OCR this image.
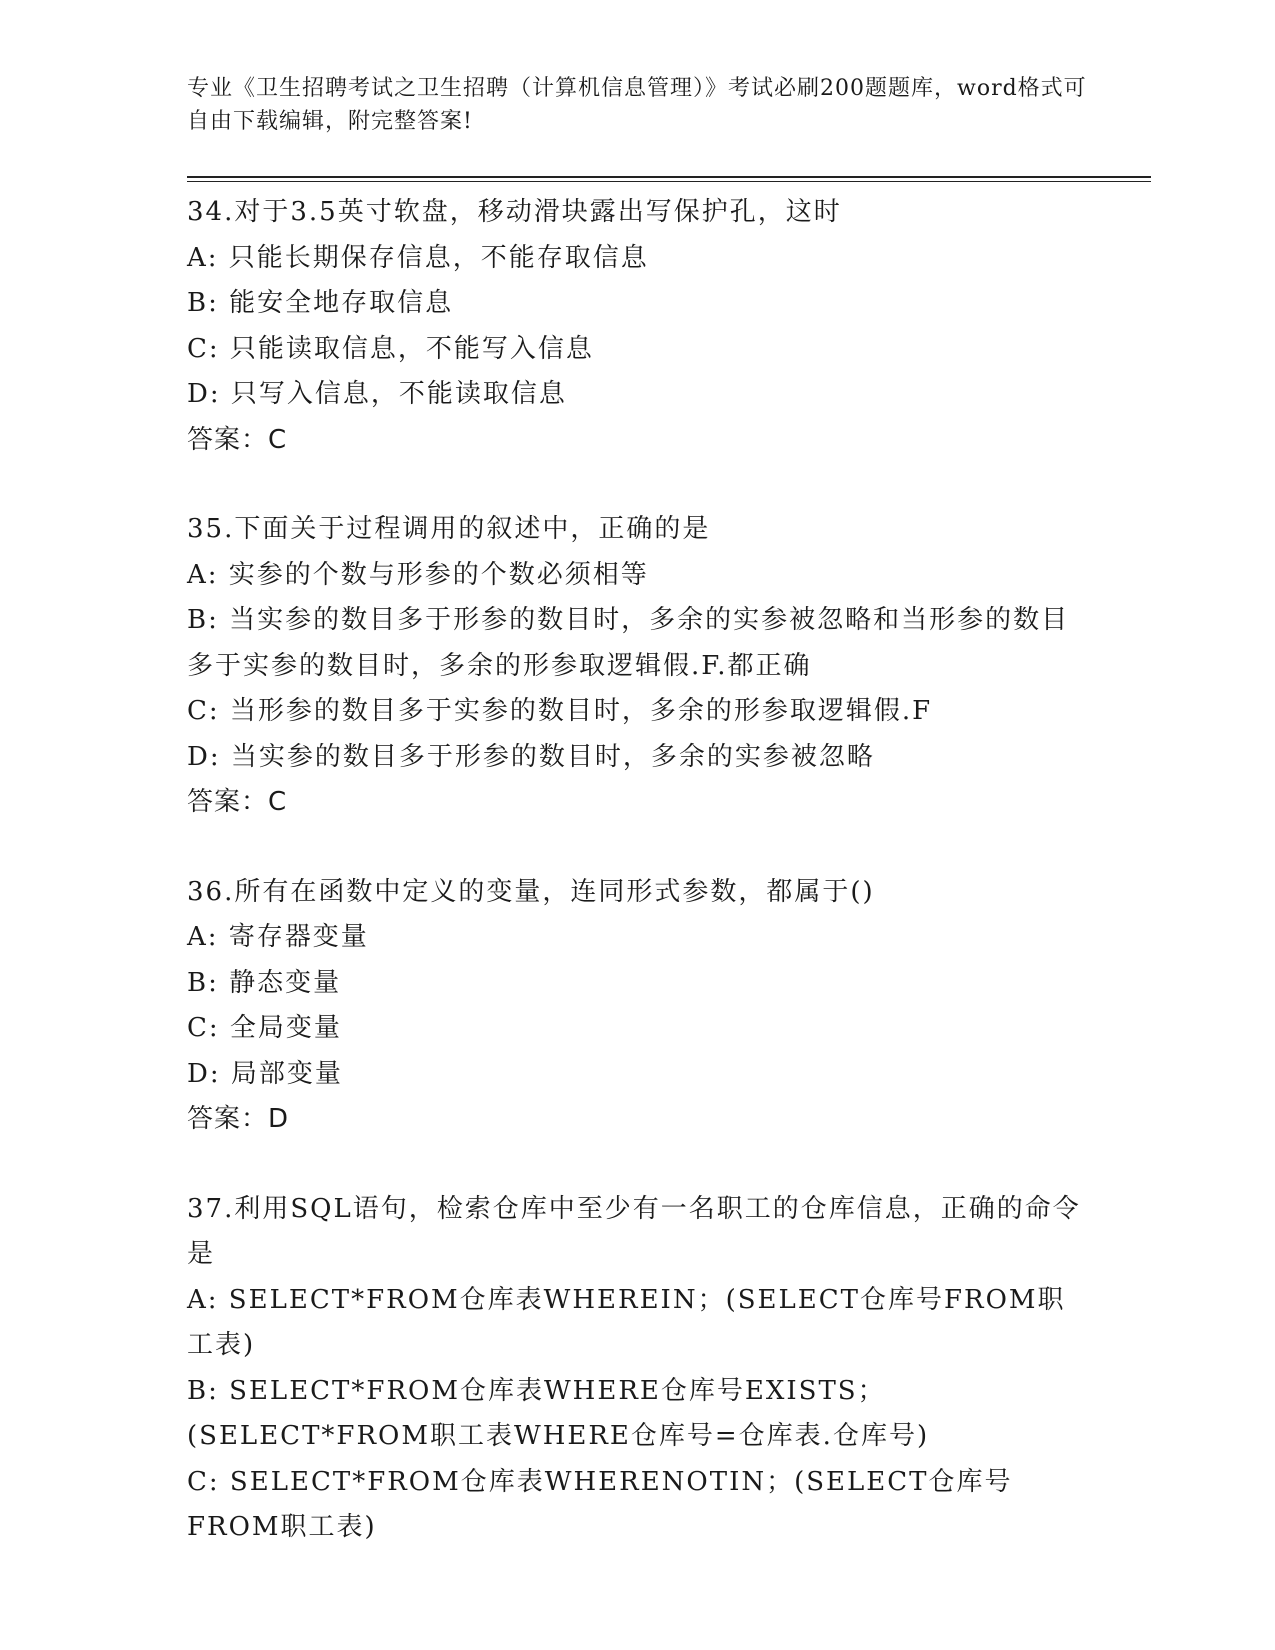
专业《卫生招聘考试之卫生招聘（计算机信息管理）》考试必刷200题题库，word格式可自由下载编辑，附完整答案!
34.对于3.5英寸软盘，移动滑块露出写保护孔，这时
A: 只能长期保存信息，不能存取信息
B: 能安全地存取信息
C: 只能读取信息，不能写入信息
D: 只写入信息，不能读取信息
答案：C
35.下面关于过程调用的叙述中，正确的是
A: 实参的个数与形参的个数必须相等
B: 当实参的数目多于形参的数目时，多余的实参被忽略和当形参的数目多于实参的数目时，多余的形参取逻辑假.F.都正确
C: 当形参的数目多于实参的数目时，多余的形参取逻辑假.F
D: 当实参的数目多于形参的数目时，多余的实参被忽略
答案：C
36.所有在函数中定义的变量，连同形式参数，都属于()
A: 寄存器变量
B: 静态变量
C: 全局变量
D: 局部变量
答案：D
37.利用SQL语句，检索仓库中至少有一名职工的仓库信息，正确的命令是
A: SELECT*FROM仓库表WHEREIN；(SELECT仓库号FROM职工表)
B: SELECT*FROM仓库表WHERE仓库号EXISTS；(SELECT*FROM职工表WHERE仓库号=仓库表.仓库号)
C: SELECT*FROM仓库表WHERENOTIN；(SELECT仓库号FROM职工表)
